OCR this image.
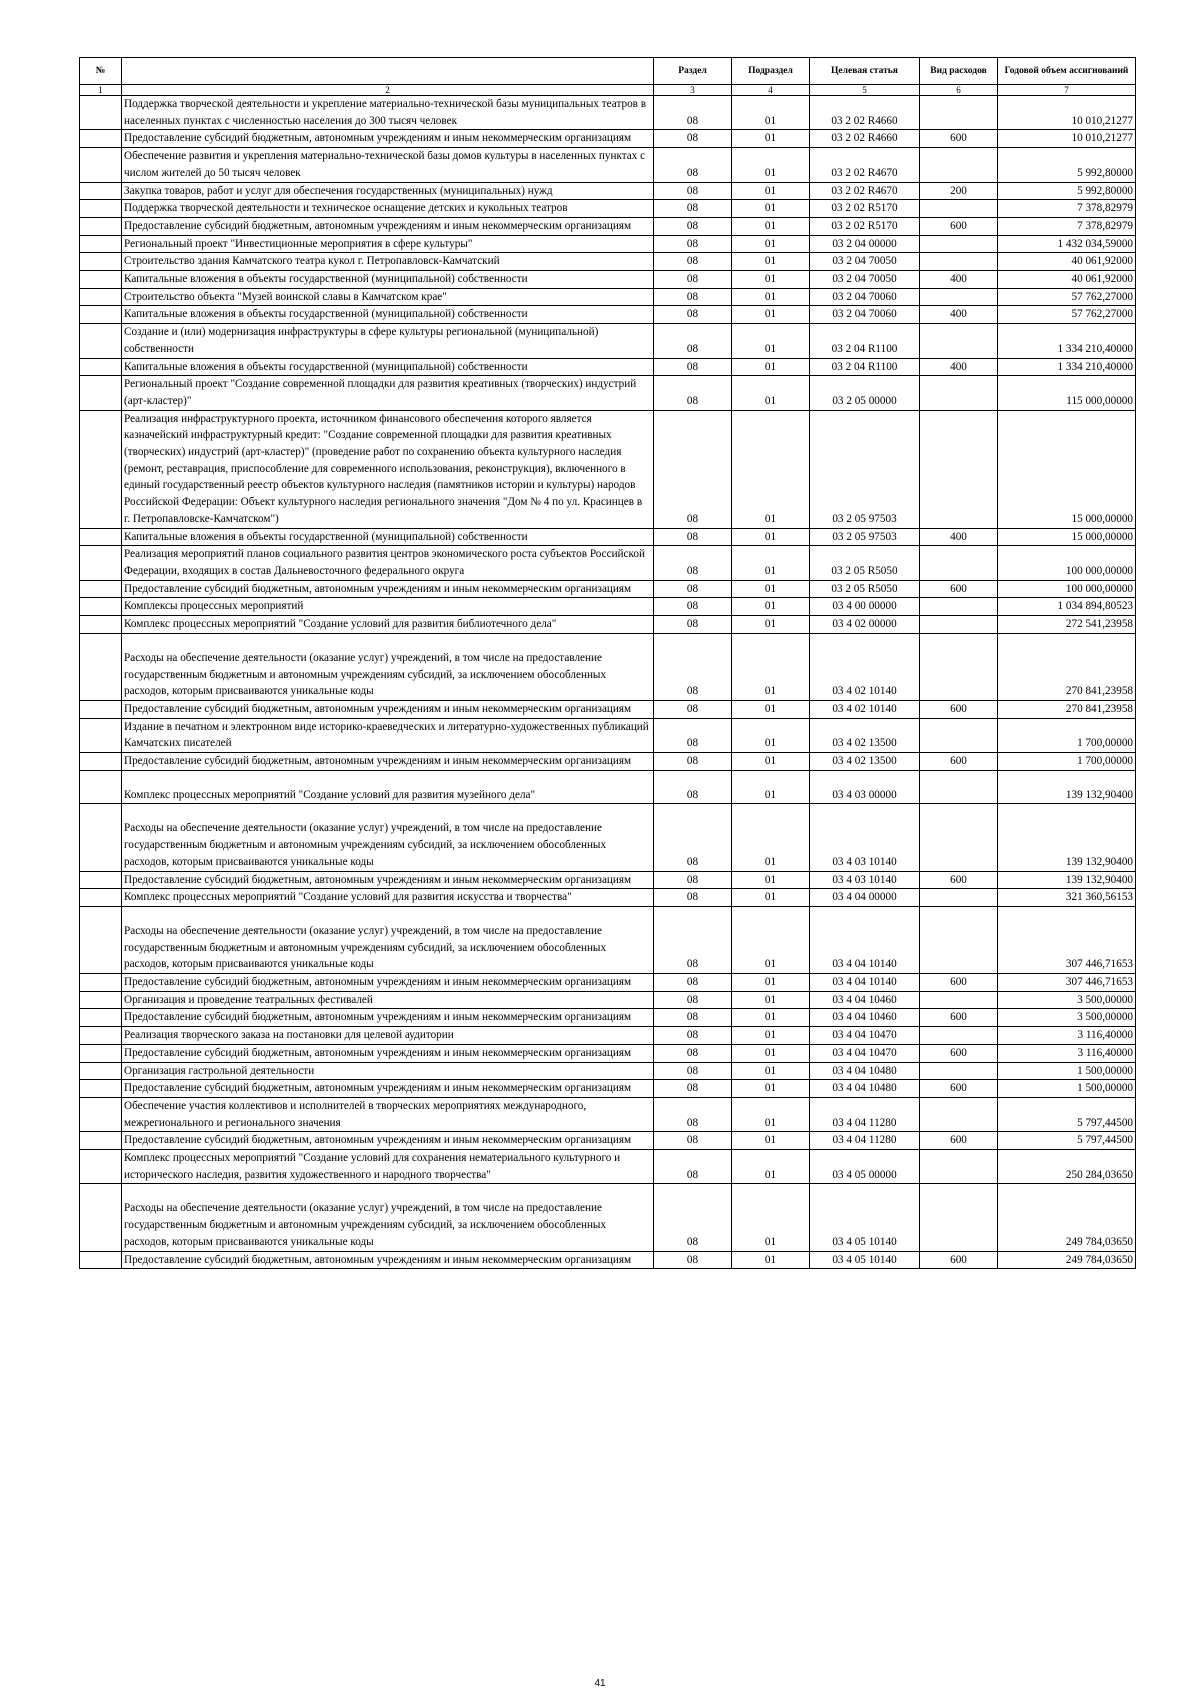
№		Раздел	Подраздел	Целевая статья	Вид расходов	Годовой объем ассигнований
1	2	3	4	5	6	7
	Поддержка творческой деятельности и укрепление материально-технической базы муниципальных театров в населенных пунктах с численностью населения до 300 тысяч человек	08	01	03 2 02 R4660		10 010,21277
	Предоставление субсидий бюджетным, автономным учреждениям и иным некоммерческим организациям	08	01	03 2 02 R4660	600	10 010,21277
	Обеспечение развития и укрепления материально-технической базы домов культуры в населенных пунктах с числом жителей до 50 тысяч человек	08	01	03 2 02 R4670		5 992,80000
	Закупка товаров, работ и услуг для обеспечения государственных (муниципальных) нужд	08	01	03 2 02 R4670	200	5 992,80000
	Поддержка творческой деятельности и техническое оснащение детских и кукольных театров	08	01	03 2 02 R5170		7 378,82979
	Предоставление субсидий бюджетным, автономным учреждениям и иным некоммерческим организациям	08	01	03 2 02 R5170	600	7 378,82979
	Региональный проект "Инвестиционные мероприятия в сфере культуры"	08	01	03 2 04 00000		1 432 034,59000
	Строительство здания Камчатского театра кукол г. Петропавловск-Камчатский	08	01	03 2 04 70050		40 061,92000
	Капитальные вложения в объекты государственной (муниципальной) собственности	08	01	03 2 04 70050	400	40 061,92000
	Строительство объекта "Музей воинской славы в Камчатском крае"	08	01	03 2 04 70060		57 762,27000
	Капитальные вложения в объекты государственной (муниципальной) собственности	08	01	03 2 04 70060	400	57 762,27000
	Создание и (или) модернизация инфраструктуры в сфере культуры региональной (муниципальной) собственности	08	01	03 2 04 R1100		1 334 210,40000
	Капитальные вложения в объекты государственной (муниципальной) собственности	08	01	03 2 04 R1100	400	1 334 210,40000
	Региональный проект "Создание современной площадки для развития креативных (творческих) индустрий (арт-кластер)"	08	01	03 2 05 00000		115 000,00000
	Реализация инфраструктурного проекта, источником финансового обеспечения которого является казначейский инфраструктурный кредит: "Создание современной площадки для развития креативных (творческих) индустрий (арт-кластер)" (проведение работ по сохранению объекта культурного наследия (ремонт, реставрация, приспособление для современного использования, реконструкция), включенного в единый государственный реестр объектов культурного наследия (памятников истории и культуры) народов Российской Федерации: Объект культурного наследия регионального значения "Дом № 4 по ул. Красинцев в г. Петропавловске-Камчатском")	08	01	03 2 05 97503		15 000,00000
	Капитальные вложения в объекты государственной (муниципальной) собственности	08	01	03 2 05 97503	400	15 000,00000
	Реализация мероприятий планов социального развития центров экономического роста субъектов Российской Федерации, входящих в состав Дальневосточного федерального округа	08	01	03 2 05 R5050		100 000,00000
	Предоставление субсидий бюджетным, автономным учреждениям и иным некоммерческим организациям	08	01	03 2 05 R5050	600	100 000,00000
	Комплексы процессных мероприятий	08	01	03 4 00 00000		1 034 894,80523
	Комплекс процессных мероприятий "Создание условий для развития библиотечного дела"	08	01	03 4 02 00000		272 541,23958
	Расходы на обеспечение деятельности (оказание услуг) учреждений, в том числе на предоставление государственным бюджетным и автономным учреждениям субсидий, за исключением обособленных расходов, которым присваиваются уникальные коды	08	01	03 4 02 10140		270 841,23958
	Предоставление субсидий бюджетным, автономным учреждениям и иным некоммерческим организациям	08	01	03 4 02 10140	600	270 841,23958
	Издание в печатном и электронном виде историко-краеведческих и литературно-художественных публикаций Камчатских писателей	08	01	03 4 02 13500		1 700,00000
	Предоставление субсидий бюджетным, автономным учреждениям и иным некоммерческим организациям	08	01	03 4 02 13500	600	1 700,00000
	Комплекс процессных мероприятий "Создание условий для развития музейного дела"	08	01	03 4 03 00000		139 132,90400
	Расходы на обеспечение деятельности (оказание услуг) учреждений, в том числе на предоставление государственным бюджетным и автономным учреждениям субсидий, за исключением обособленных расходов, которым присваиваются уникальные коды	08	01	03 4 03 10140		139 132,90400
	Предоставление субсидий бюджетным, автономным учреждениям и иным некоммерческим организациям	08	01	03 4 03 10140	600	139 132,90400
	Комплекс процессных мероприятий "Создание условий для развития искусства и творчества"	08	01	03 4 04 00000		321 360,56153
	Расходы на обеспечение деятельности (оказание услуг) учреждений, в том числе на предоставление государственным бюджетным и автономным учреждениям субсидий, за исключением обособленных расходов, которым присваиваются уникальные коды	08	01	03 4 04 10140		307 446,71653
	Предоставление субсидий бюджетным, автономным учреждениям и иным некоммерческим организациям	08	01	03 4 04 10140	600	307 446,71653
	Организация и проведение театральных фестивалей	08	01	03 4 04 10460		3 500,00000
	Предоставление субсидий бюджетным, автономным учреждениям и иным некоммерческим организациям	08	01	03 4 04 10460	600	3 500,00000
	Реализация творческого заказа на постановки для целевой аудитории	08	01	03 4 04 10470		3 116,40000
	Предоставление субсидий бюджетным, автономным учреждениям и иным некоммерческим организациям	08	01	03 4 04 10470	600	3 116,40000
	Организация гастрольной деятельности	08	01	03 4 04 10480		1 500,00000
	Предоставление субсидий бюджетным, автономным учреждениям и иным некоммерческим организациям	08	01	03 4 04 10480	600	1 500,00000
	Обеспечение участия коллективов и исполнителей в творческих мероприятиях международного, межрегионального и регионального значения	08	01	03 4 04 11280		5 797,44500
	Предоставление субсидий бюджетным, автономным учреждениям и иным некоммерческим организациям	08	01	03 4 04 11280	600	5 797,44500
	Комплекс процессных мероприятий "Создание условий для сохранения нематериального культурного и исторического наследия, развития художественного и народного творчества"	08	01	03 4 05 00000		250 284,03650
	Расходы на обеспечение деятельности (оказание услуг) учреждений, в том числе на предоставление государственным бюджетным и автономным учреждениям субсидий, за исключением обособленных расходов, которым присваиваются уникальные коды	08	01	03 4 05 10140		249 784,03650
	Предоставление субсидий бюджетным, автономным учреждениям и иным некоммерческим организациям	08	01	03 4 05 10140	600	249 784,03650
41
